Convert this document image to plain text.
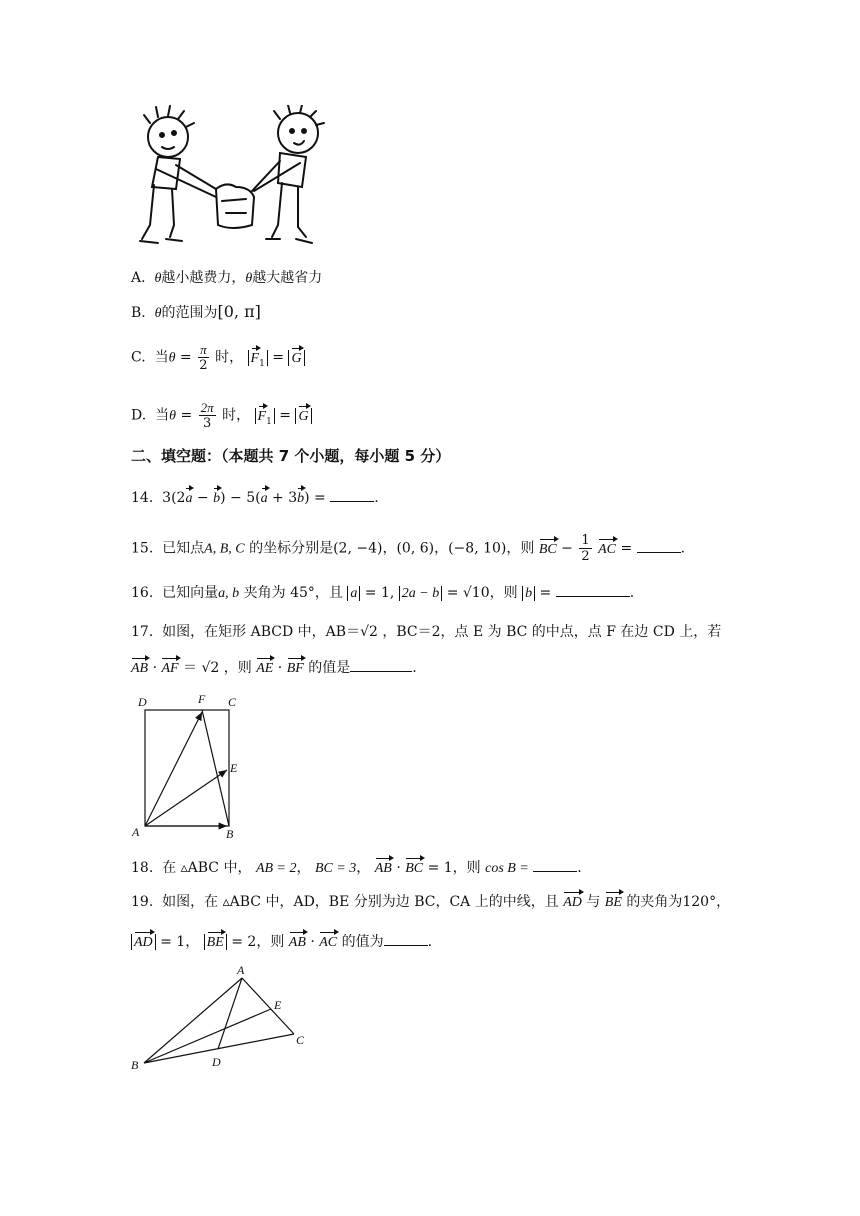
A. θ越小越费力，θ越大越省力
B. θ的范围为[0, π]
C. 当$\theta = \frac{\pi}{2}$ 时， $F_1 = G$
D. 当$\theta = \frac{2\pi}{3}$ 时， $F_1 = G$
二、填空题：（本题共 7 个小题，每小题 5 分）
14. 3(2a − b) − 5(a + 3b) =	.
15. 已知点A, B, C 的坐标分别是(2, −4)，(0, 6)，(−8, 10)，则 BC − $\frac{1}{2}$ AC =	.
16. 已知向量a, b 夹角为 45°，且 a = 1, 2a − b = √10，则 b =	.
17. 如图，在矩形 ABCD 中，AB＝√2 ，BC＝2，点 E 为 BC 的中点，点 F 在边 CD 上，若
AB · AF ＝ √2 ，则 AE · BF 的值是	.
D	F C
E
A	B
18. 在 ▵ABC 中， AB = 2， BC = 3， AB · BC = 1，则 cos B =	.
19. 如图，在 ▵ABC 中，AD，BE 分别为边 BC，CA 上的中线，且 AD 与 BE 的夹角为120°，
AD = 1， BE = 2，则 AB · AC 的值为	.
A
E
C
B	D
